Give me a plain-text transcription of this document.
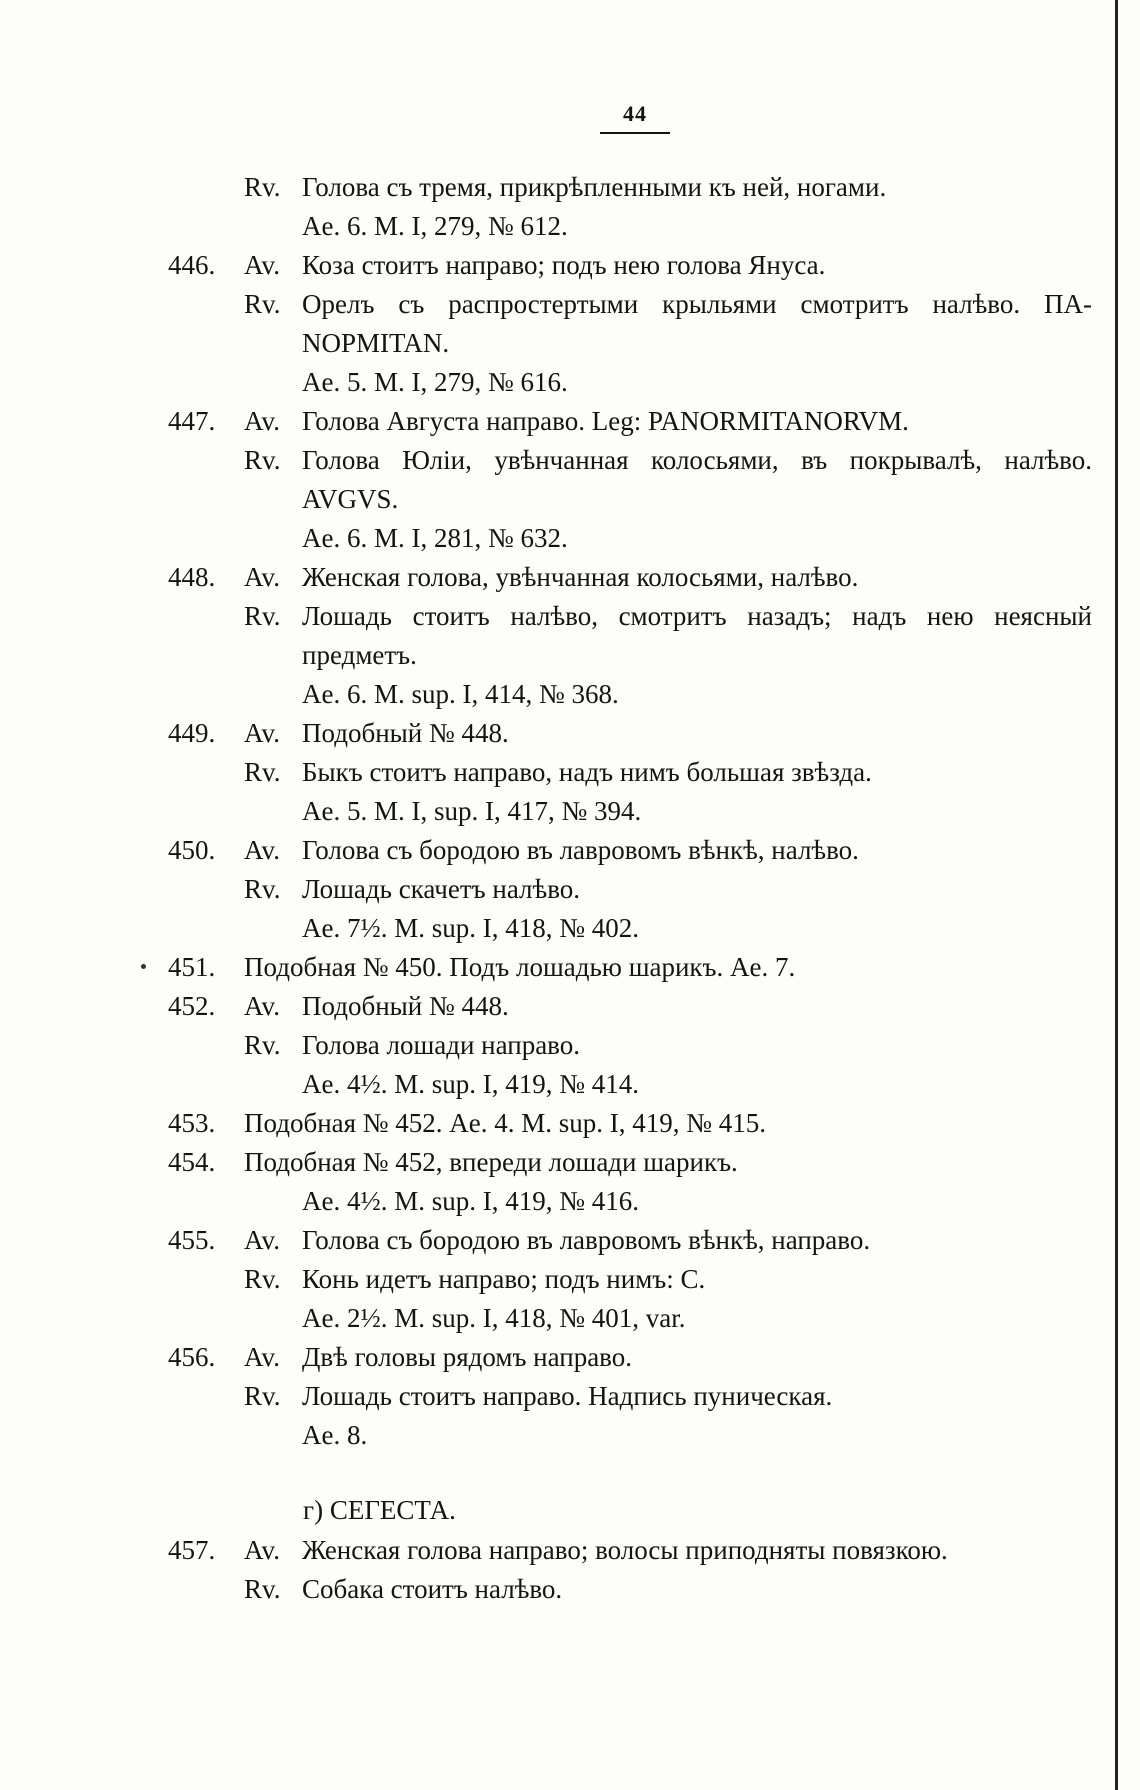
44
Rv. Голова съ тремя, прикрѣпленными къ ней, ногами.
Ae. 6. M. I, 279, № 612.
446.	Av. Коза стоитъ направо; подъ нею голова Януса.
Rv. Орелъ съ распростертыми крыльями смотритъ налѣво. ПА-
NOPMITAN.
Ae. 5. M. I, 279, № 616.
447.	Av. Голова Августа направо. Leg: PANORMITANORVM.
Rv. Голова Юліи, увѣнчанная колосьями, въ покрывалѣ, налѣво.
AVGVS.
Ae. 6. M. I, 281, № 632.
448.	Av. Женская голова, увѣнчанная колосьями, налѣво.
Rv. Лошадь стоитъ налѣво, смотритъ назадъ; надъ нею неясный
предметъ.
Ae. 6. M. sup. I, 414, № 368.
449.	Av. Подобный № 448.
Rv. Быкъ стоитъ направо, надъ нимъ большая звѣзда.
Ae. 5. M. I, sup. I, 417, № 394.
450.	Av. Голова съ бородою въ лавровомъ вѣнкѣ, налѣво.
Rv. Лошадь скачетъ налѣво.
Ae. 7½. M. sup. I, 418, № 402.
451.	Подобная № 450. Подъ лошадью шарикъ. Ae. 7.
452.	Av. Подобный № 448.
Rv. Голова лошади направо.
Ae. 4½. M. sup. I, 419, № 414.
453.	Подобная № 452. Ae. 4. M. sup. I, 419, № 415.
454.	Подобная № 452, впереди лошади шарикъ.
Ae. 4½. M. sup. I, 419, № 416.
455.	Av. Голова съ бородою въ лавровомъ вѣнкѣ, направо.
Rv. Конь идетъ направо; подъ нимъ: C.
Ae. 2½. M. sup. I, 418, № 401, var.
456.	Av. Двѣ головы рядомъ направо.
Rv. Лошадь стоитъ направо. Надпись пуническая.
Ae. 8.
г) СЕГЕСТА.
457.	Av. Женская голова направо; волосы приподняты повязкою.
Rv. Собака стоитъ налѣво.
